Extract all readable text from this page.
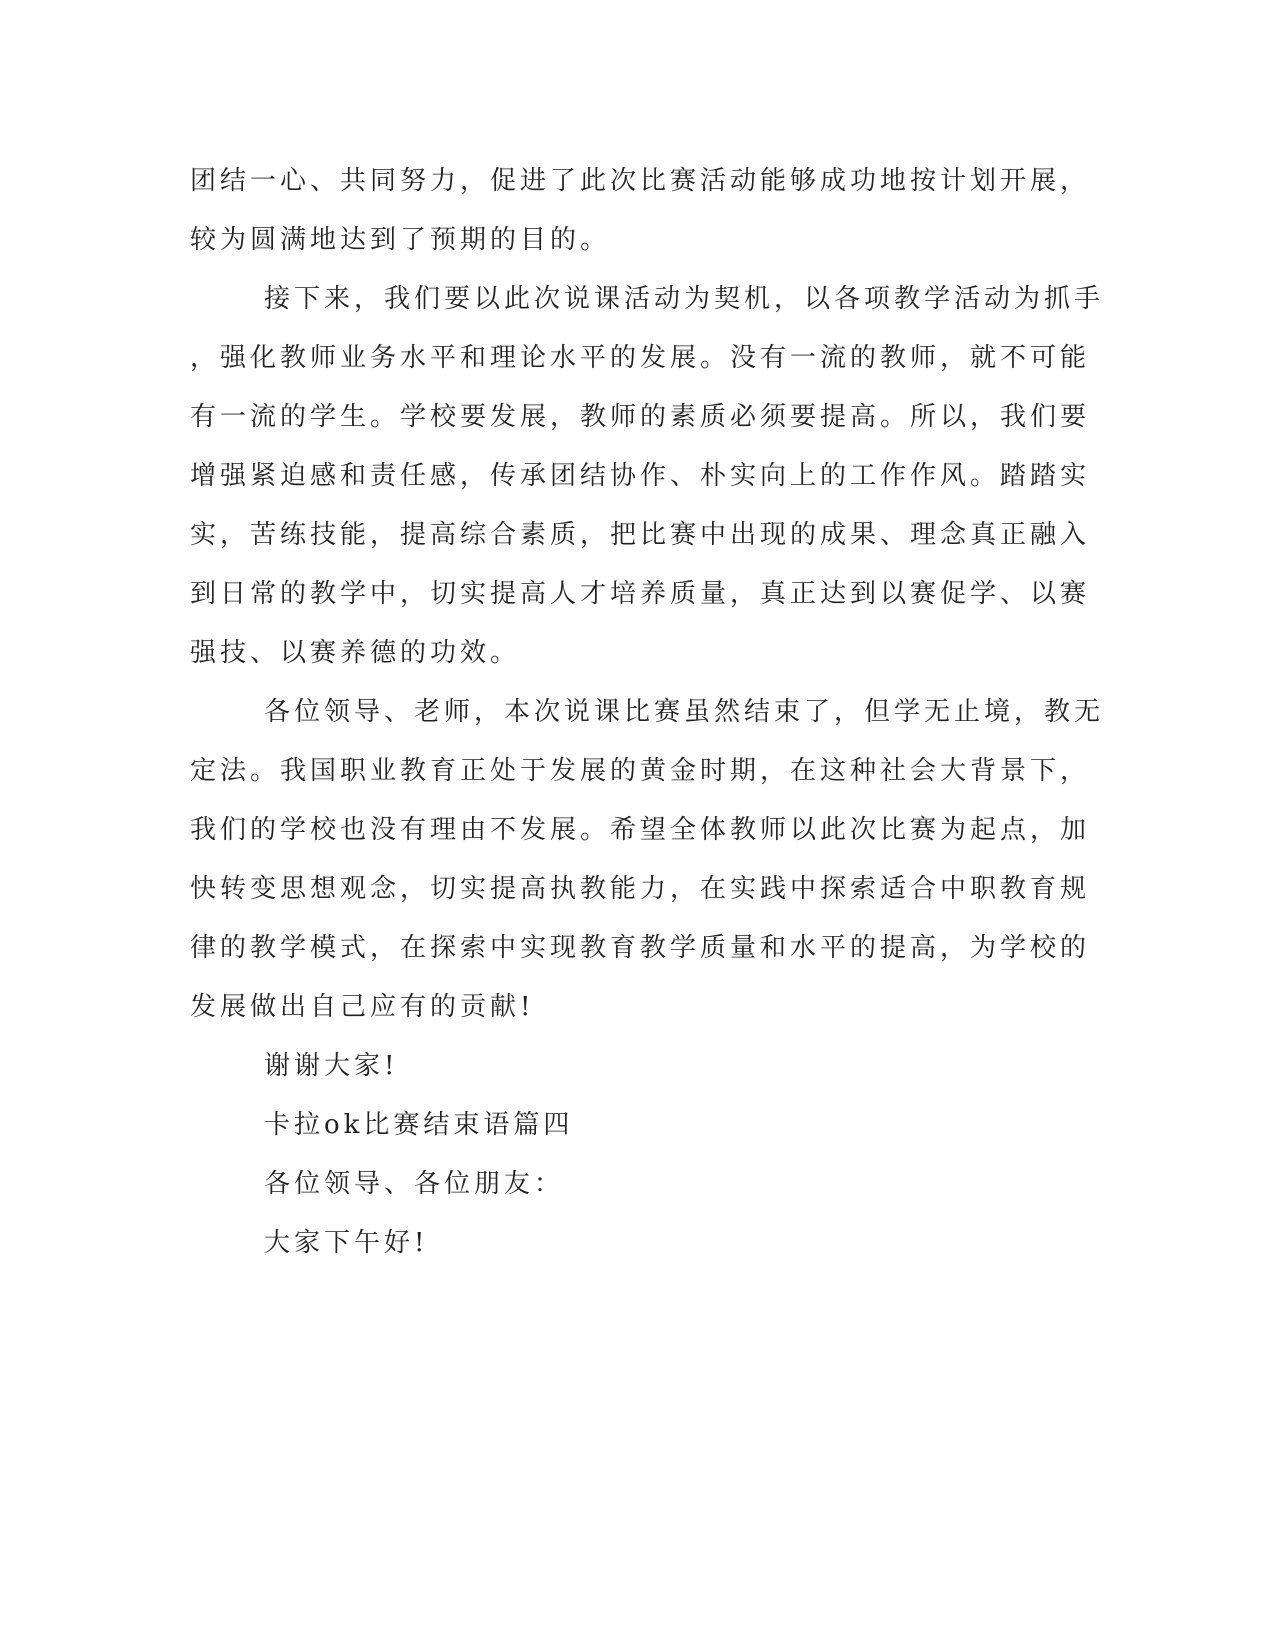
团结一心、共同努力，促进了此次比赛活动能够成功地按计划开展，
较为圆满地达到了预期的目的。
接下来，我们要以此次说课活动为契机，以各项教学活动为抓手
，强化教师业务水平和理论水平的发展。没有一流的教师，就不可能
有一流的学生。学校要发展，教师的素质必须要提高。所以，我们要
增强紧迫感和责任感，传承团结协作、朴实向上的工作作风。踏踏实
实，苦练技能，提高综合素质，把比赛中出现的成果、理念真正融入
到日常的教学中，切实提高人才培养质量，真正达到以赛促学、以赛
强技、以赛养德的功效。
各位领导、老师，本次说课比赛虽然结束了，但学无止境，教无
定法。我国职业教育正处于发展的黄金时期，在这种社会大背景下，
我们的学校也没有理由不发展。希望全体教师以此次比赛为起点，加
快转变思想观念，切实提高执教能力，在实践中探索适合中职教育规
律的教学模式，在探索中实现教育教学质量和水平的提高，为学校的
发展做出自己应有的贡献!
谢谢大家!
卡拉ok比赛结束语篇四
各位领导、各位朋友：
大家下午好!
